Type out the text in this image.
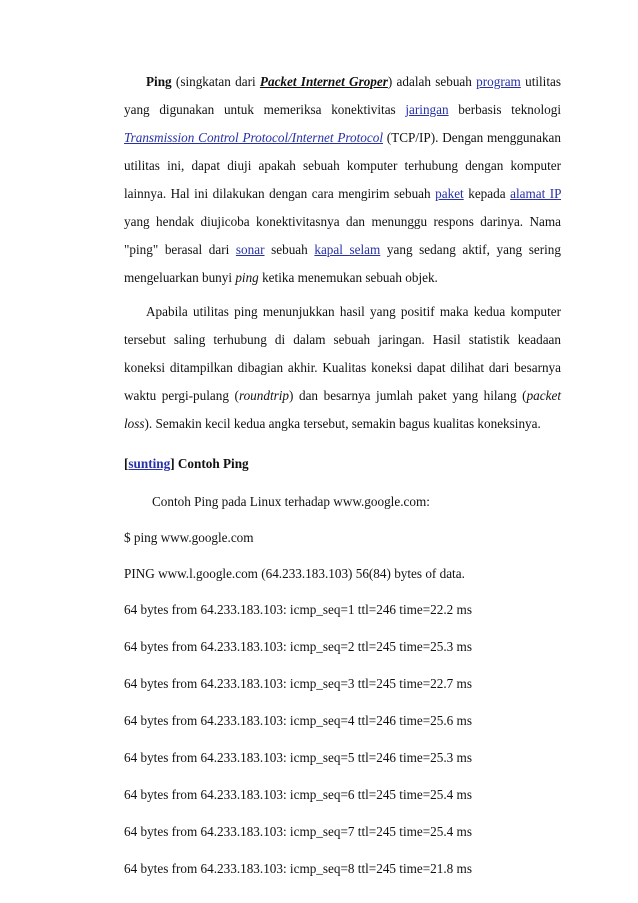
Ping (singkatan dari Packet Internet Groper) adalah sebuah program utilitas yang digunakan untuk memeriksa konektivitas jaringan berbasis teknologi Transmission Control Protocol/Internet Protocol (TCP/IP). Dengan menggunakan utilitas ini, dapat diuji apakah sebuah komputer terhubung dengan komputer lainnya. Hal ini dilakukan dengan cara mengirim sebuah paket kepada alamat IP yang hendak diujicoba konektivitasnya dan menunggu respons darinya. Nama "ping" berasal dari sonar sebuah kapal selam yang sedang aktif, yang sering mengeluarkan bunyi ping ketika menemukan sebuah objek.

Apabila utilitas ping menunjukkan hasil yang positif maka kedua komputer tersebut saling terhubung di dalam sebuah jaringan. Hasil statistik keadaan koneksi ditampilkan dibagian akhir. Kualitas koneksi dapat dilihat dari besarnya waktu pergi-pulang (roundtrip) dan besarnya jumlah paket yang hilang (packet loss). Semakin kecil kedua angka tersebut, semakin bagus kualitas koneksinya.

[sunting] Contoh Ping
Contoh Ping pada Linux terhadap www.google.com:
$ ping www.google.com
PING www.l.google.com (64.233.183.103) 56(84) bytes of data.
64 bytes from 64.233.183.103: icmp_seq=1 ttl=246 time=22.2 ms
64 bytes from 64.233.183.103: icmp_seq=2 ttl=245 time=25.3 ms
64 bytes from 64.233.183.103: icmp_seq=3 ttl=245 time=22.7 ms
64 bytes from 64.233.183.103: icmp_seq=4 ttl=246 time=25.6 ms
64 bytes from 64.233.183.103: icmp_seq=5 ttl=246 time=25.3 ms
64 bytes from 64.233.183.103: icmp_seq=6 ttl=245 time=25.4 ms
64 bytes from 64.233.183.103: icmp_seq=7 ttl=245 time=25.4 ms
64 bytes from 64.233.183.103: icmp_seq=8 ttl=245 time=21.8 ms
